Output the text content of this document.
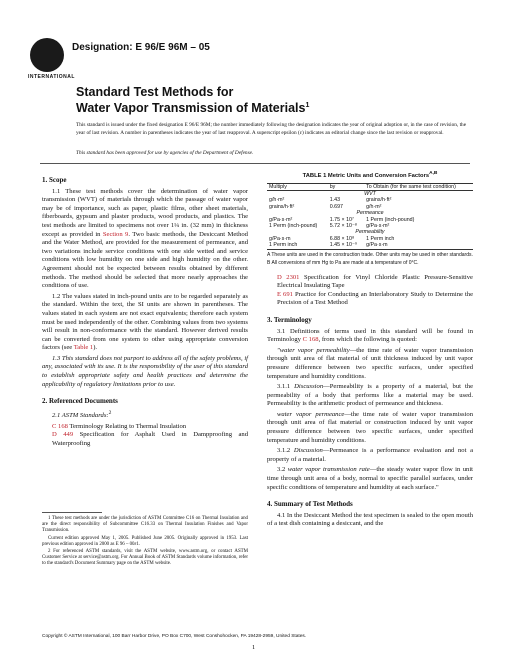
INTERNATIONAL
Designation: E 96/E 96M – 05
Standard Test Methods for
Water Vapor Transmission of Materials$^1$
This standard is issued under the fixed designation E 96/E 96M; the number immediately following the designation indicates the year of original adoption or, in the case of revision, the year of last revision. A number in parentheses indicates the year of last reapproval. A superscript epsilon (ε) indicates an editorial change since the last revision or reapproval.
This standard has been approved for use by agencies of the Department of Defense.
1. Scope

1.1 These test methods cover the determination of water vapor transmission (WVT) of materials through which the passage of water vapor may be of importance, such as paper, plastic films, other sheet materials, fiberboards, gypsum and plaster products, wood products, and plastics. The test methods are limited to specimens not over 1¼ in. (32 mm) in thickness except as provided in Section 9. Two basic methods, the Desiccant Method and the Water Method, are provided for the measurement of permeance, and two variations include service conditions with one side wetted and service conditions with low humidity on one side and high humidity on the other. Agreement should not be expected between results obtained by different methods. The method should be selected that more nearly approaches the conditions of use.

1.2 The values stated in inch-pound units are to be regarded separately as the standard. Within the text, the SI units are shown in parentheses. The values stated in each system are not exact equivalents; therefore each system must be used independently of the other. Combining values from two systems will result in non-conformance with the standard. However derived results can be converted from one system to other using appropriate conversion factors (see Table 1).

1.3 This standard does not purport to address all of the safety problems, if any, associated with its use. It is the responsibility of the user of this standard to establish appropriate safety and health practices and determine the applicability of regulatory limitations prior to use.

2. Referenced Documents

2.1 ASTM Standards:$^2$

C 168 Terminology Relating to Thermal Insulation

D 449 Specification for Asphalt Used in Dampproofing and Waterproofing

1 These test methods are under the jurisdiction of ASTM Committee C16 on Thermal Insulation and are the direct responsibility of Subcommittee C16.33 on Thermal Insulation Finishes and Vapor Transmission.

Current edition approved May 1, 2005. Published June 2005. Originally approved in 1953. Last previous edition approved in 2000 as E 96 – 00ε1.

2 For referenced ASTM standards, visit the ASTM website, www.astm.org, or contact ASTM Customer Service at service@astm.org. For Annual Book of ASTM Standards volume information, refer to the standard's Document Summary page on the ASTM website.

TABLE 1 Metric Units and Conversion Factors$^{A,B}$
Multiply	by	To Obtain (for the same test condition)
WVT		
g/h·m²	1.43	grains/h·ft²
grains/h·ft²	0.697	g/h·m²
Permeance		
g/Pa·s·m²	1.75 × 10⁷	1 Perm (inch-pound)
1 Perm (inch-pound)	5.72 × 10⁻⁸	g/Pa·s·m²
Permeability		
g/Pa·s·m	6.88 × 10⁸	1 Perm inch
1 Perm inch	1.45 × 10⁻⁹	g/Pa·s·m
A These units are used in the construction trade. Other units may be used in other standards.
B All conversions of mm Hg to Pa are made at a temperature of 0°C.

D 2301 Specification for Vinyl Chloride Plastic Pressure-Sensitive Electrical Insulating Tape

E 691 Practice for Conducting an Interlaboratory Study to Determine the Precision of a Test Method

3. Terminology

3.1 Definitions of terms used in this standard will be found in Terminology C 168, from which the following is quoted:

"water vapor permeability—the time rate of water vapor transmission through unit area of flat material of unit thickness induced by unit vapor pressure difference between two specific surfaces, under specified temperature and humidity conditions.

3.1.1 Discussion—Permeability is a property of a material, but the permeability of a body that performs like a material may be used. Permeability is the arithmetic product of permeance and thickness.

water vapor permeance—the time rate of water vapor transmission through unit area of flat material or construction induced by unit vapor pressure difference between two specific surfaces, under specified temperature and humidity conditions.

3.1.2 Discussion—Permeance is a performance evaluation and not a property of a material.

3.2 water vapor transmission rate—the steady water vapor flow in unit time through unit area of a body, normal to specific parallel surfaces, under specific conditions of temperature and humidity at each surface."

4. Summary of Test Methods

4.1 In the Desiccant Method the test specimen is sealed to the open mouth of a test dish containing a desiccant, and the

Copyright © ASTM International, 100 Barr Harbor Drive, PO Box C700, West Conshohocken, PA 19428-2959, United States.
1
